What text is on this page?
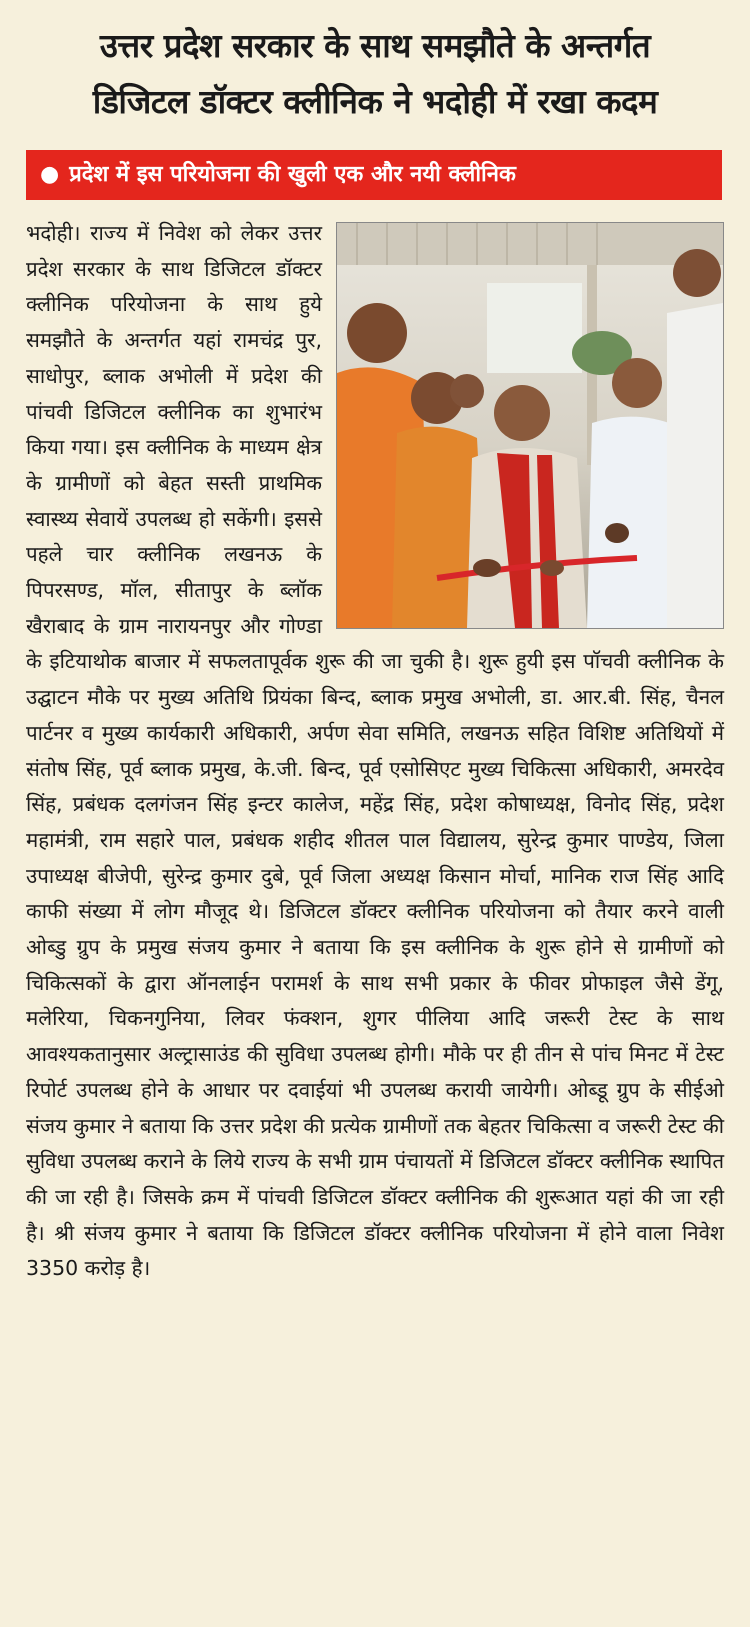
उत्तर प्रदेश सरकार के साथ समझौते के अन्तर्गत
डिजिटल डॉक्टर क्लीनिक ने भदोही में रखा कदम
● प्रदेश में इस परियोजना की खुली एक और नयी क्लीनिक

भदोही। राज्य में निवेश को लेकर उत्तर प्रदेश सरकार के साथ डिजिटल डॉक्टर क्लीनिक परियोजना के साथ हुये समझौते के अन्तर्गत यहां रामचंद्र पुर, साधोपुर, ब्लाक अभोली में प्रदेश की पांचवी डिजिटल क्लीनिक का शुभारंभ किया गया। इस क्लीनिक के माध्यम क्षेत्र के ग्रामीणों को बेहत सस्ती प्राथमिक स्वास्थ्य सेवायें उपलब्ध हो सकेंगी। इससे पहले चार क्लीनिक लखनऊ के पिपरसण्ड, मॉल, सीतापुर के ब्लॉक खैराबाद के ग्राम नारायनपुर और गोण्डा के इटियाथोक बाजार में सफलतापूर्वक शुरू की जा चुकी है। शुरू हुयी इस पॉचवी क्लीनिक के उद्घाटन मौके पर मुख्य अतिथि प्रियंका बिन्द, ब्लाक प्रमुख अभोली, डा. आर.बी. सिंह, चैनल पार्टनर व मुख्य कार्यकारी अधिकारी, अर्पण सेवा समिति, लखनऊ सहित विशिष्ट अतिथियों में संतोष सिंह, पूर्व ब्लाक प्रमुख, के.जी. बिन्द, पूर्व एसोसिएट मुख्य चिकित्सा अधिकारी, अमरदेव सिंह, प्रबंधक दलगंजन सिंह इन्टर कालेज, महेंद्र सिंह, प्रदेश कोषाध्यक्ष, विनोद सिंह, प्रदेश महामंत्री, राम सहारे पाल, प्रबंधक शहीद शीतल पाल विद्यालय, सुरेन्द्र कुमार पाण्डेय, जिला उपाध्यक्ष बीजेपी, सुरेन्द्र कुमार दुबे, पूर्व जिला अध्यक्ष किसान मोर्चा, मानिक राज सिंह आदि काफी संख्या में लोग मौजूद थे। डिजिटल डॉक्टर क्लीनिक परियोजना को तैयार करने वाली ओब्डु ग्रुप के प्रमुख संजय कुमार ने बताया कि इस क्लीनिक के शुरू होने से ग्रामीणों को चिकित्सकों के द्वारा ऑनलाईन परामर्श के साथ सभी प्रकार के फीवर प्रोफाइल जैसे डेंगू, मलेरिया, चिकनगुनिया, लिवर फंक्शन, शुगर पीलिया आदि जरूरी टेस्ट के साथ आवश्यकतानुसार अल्ट्रासाउंड की सुविधा उपलब्ध होगी। मौके पर ही तीन से पांच मिनट में टेस्ट रिपोर्ट उपलब्ध होने के आधार पर दवाईयां भी उपलब्ध करायी जायेगी। ओब्डू ग्रुप के सीईओ संजय कुमार ने बताया कि उत्तर प्रदेश की प्रत्येक ग्रामीणों तक बेहतर चिकित्सा व जरूरी टेस्ट की सुविधा उपलब्ध कराने के लिये राज्य के सभी ग्राम पंचायतों में डिजिटल डॉक्टर क्लीनिक स्थापित की जा रही है। जिसके क्रम में पांचवी डिजिटल डॉक्टर क्लीनिक की शुरूआत यहां की जा रही है। श्री संजय कुमार ने बताया कि डिजिटल डॉक्टर क्लीनिक परियोजना में होने वाला निवेश 3350 करोड़ है।
